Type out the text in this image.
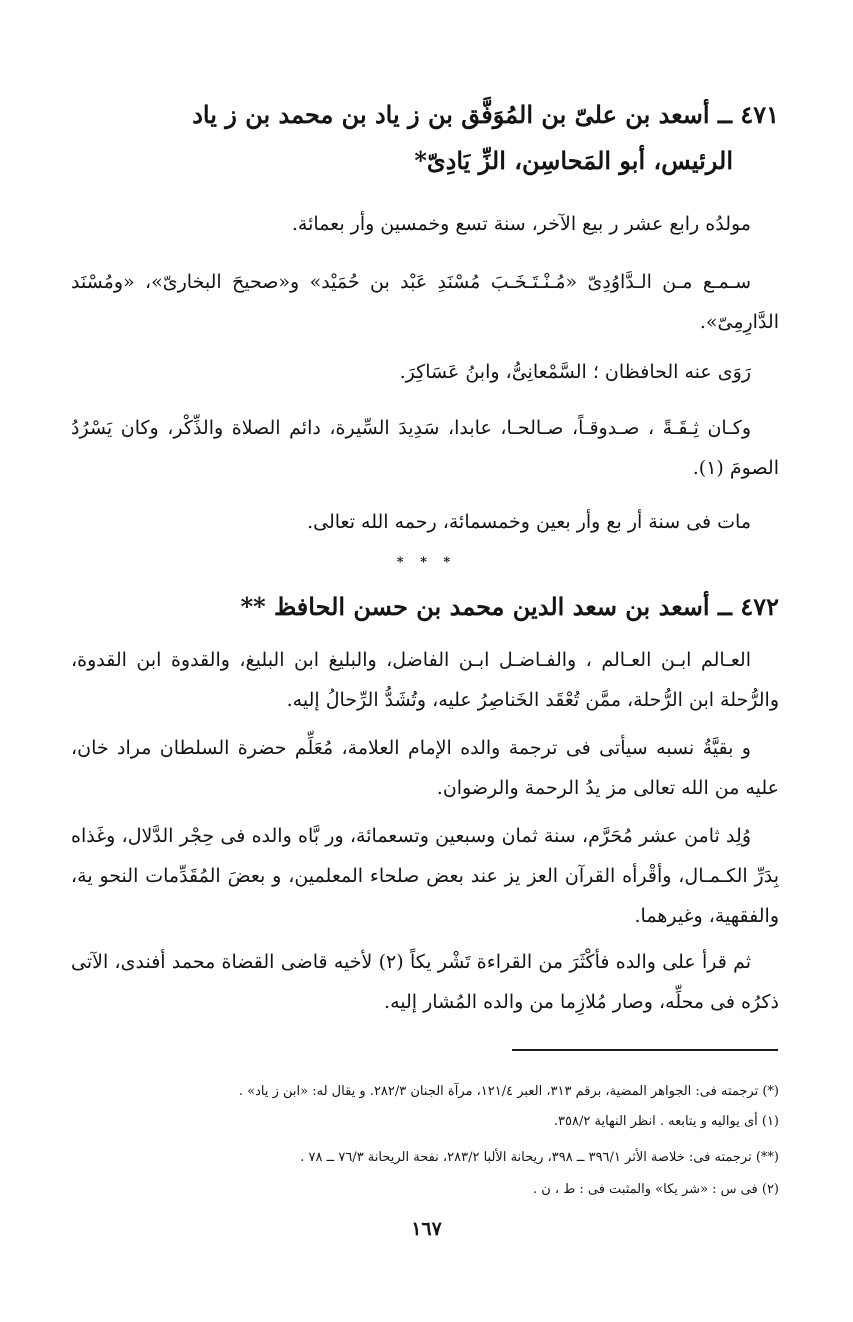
٤٧١ ــ أسعد بن علىّ بن المُوَفَّق بن ز ياد بن محمد بن ز ياد

الرئيس، أبو المَحاسِن، الزِّ يَادِىّ*

مولدُه رابع عشر ر بيع الآخر، سنة تسع وخمسين وأر بعمائة.

سـمـع مـن الـدَّاوُدِىّ «مُـنْـتَـخَـبَ مُسْنَدِ عَبْد بن حُمَيْد» و«صحيحَ البخارىّ»، «ومُسْنَد الدَّارِمِىّ».

رَوَى عنه الحافظان ؛ السَّمْعانِىُّ، وابنُ عَسَاكِرَ.

وكـان ثِـقَـةً ، صـدوقـاً، صـالحـا، عابدا، سَدِيدَ السِّيرة، دائم الصلاة والذِّكْر، وكان يَسْرُدُ الصومَ (١).

مات فى سنة أر بع وأر بعين وخمسمائة، رحمه الله تعالى.

* * *

٤٧٢ ــ أسعد بن سعد الدين محمد بن حسن الحافظ **

العـالم ابـن العـالم ، والفـاضـل ابـن الفاضل، والبليغ ابن البليغ، والقدوة ابن القدوة، والرُّحلة ابن الرُّحلة، ممَّن تُعْقَد الخَناصِرُ عليه، وتُشَدُّ الرِّحالُ إليه.

و بقيَّةُ نسبه سيأتى فى ترجمة والده الإمام العلامة، مُعَلِّم حضرة السلطان مراد خان، عليه من الله تعالى مز يدُ الرحمة والرضوان.

وُلِد ثامن عشر مُحَرَّم، سنة ثمان وسبعين وتسعمائة، ور بَّاه والده فى حِجْر الدَّلال، وغَذاه بِدَرِّ الكـمـال، وأقْرأه القرآن العز يز عند بعض صلحاء المعلمين، و بعضَ المُقَدِّمات النحو ية، والفقهية، وغيرهما.

ثم قرأ على والده فأكْثَرَ من القراءة تَشْر يكاً (٢) لأخيه قاضى القضاة محمد أفندى، الآتى ذكرُه فى محلِّه، وصار مُلازِما من والده المُشار إليه.

(*) ترجمته فى: الجواهر المضية، برقم ٣١٣، العبر ١٢١/٤، مرآة الجنان ٢٨٢/٣. و يقال له: «ابن ز ياد» .

(١) أى يواليه و يتابعه . انظر النهاية ٣٥٨/٢.

(**) ترجمته فى: خلاصة الأثر ٣٩٦/١ ــ ٣٩٨، ريحانة الألبا ٢٨٣/٢، نفحة الريحانة ٧٦/٣ ــ ٧٨ .

(٢) فى س : «شر يكا» والمثبت فى : ط ، ن .

١٦٧
